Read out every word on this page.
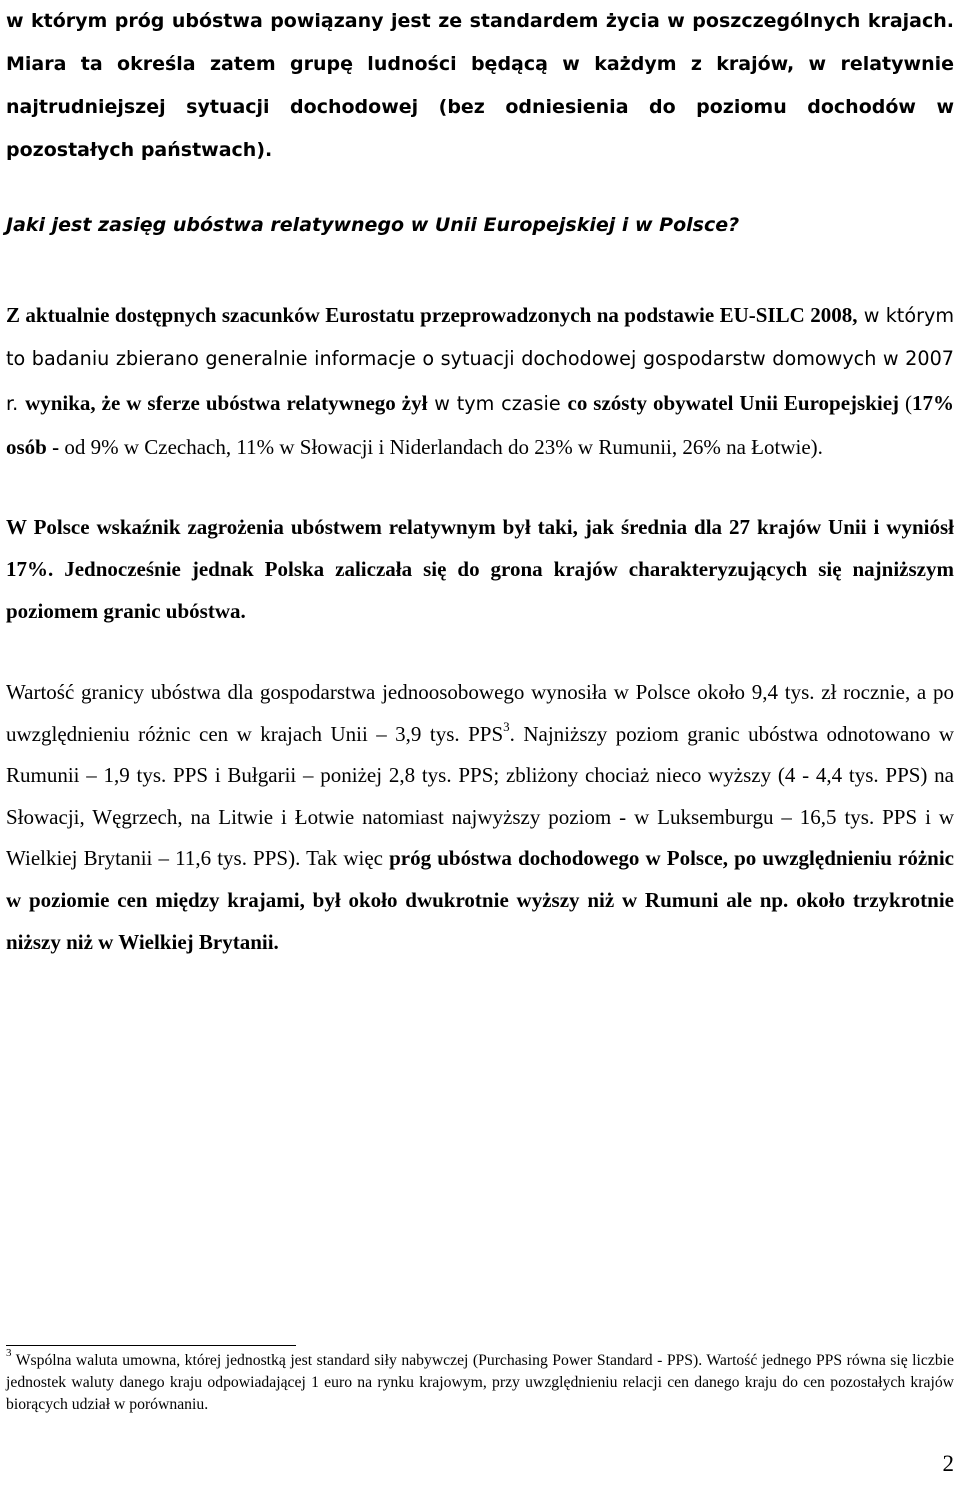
w którym próg ubóstwa powiązany jest ze standardem życia w poszczególnych krajach. Miara ta określa zatem grupę ludności będącą w każdym z krajów, w relatywnie najtrudniejszej sytuacji dochodowej (bez odniesienia do poziomu dochodów w pozostałych państwach).

Jaki jest zasięg ubóstwa relatywnego w Unii Europejskiej i w Polsce?

Z aktualnie dostępnych szacunków Eurostatu przeprowadzonych na podstawie EU-SILC 2008, w którym to badaniu zbierano generalnie informacje o sytuacji dochodowej gospodarstw domowych w 2007 r. wynika, że w sferze ubóstwa relatywnego żył w tym czasie co szósty obywatel Unii Europejskiej (17% osób - od 9% w Czechach, 11% w Słowacji i Niderlandach do 23% w Rumunii, 26% na Łotwie).

W Polsce wskaźnik zagrożenia ubóstwem relatywnym był taki, jak średnia dla 27 krajów Unii i wyniósł 17%. Jednocześnie jednak Polska zaliczała się do grona krajów charakteryzujących się najniższym poziomem granic ubóstwa.

Wartość granicy ubóstwa dla gospodarstwa jednoosobowego wynosiła w Polsce około 9,4 tys. zł rocznie, a po uwzględnieniu różnic cen w krajach Unii – 3,9 tys. PPS$^3$. Najniższy poziom granic ubóstwa odnotowano w Rumunii – 1,9 tys. PPS i Bułgarii – poniżej 2,8 tys. PPS; zbliżony chociaż nieco wyższy (4 - 4,4 tys. PPS) na Słowacji, Węgrzech, na Litwie i Łotwie natomiast najwyższy poziom - w Luksemburgu – 16,5 tys. PPS i w Wielkiej Brytanii – 11,6 tys. PPS). Tak więc próg ubóstwa dochodowego w Polsce, po uwzględnieniu różnic w poziomie cen między krajami, był około dwukrotnie wyższy niż w Rumuni ale np. około trzykrotnie niższy niż w Wielkiej Brytanii.

$^3$ Wspólna waluta umowna, której jednostką jest standard siły nabywczej (Purchasing Power Standard - PPS). Wartość jednego PPS równa się liczbie jednostek waluty danego kraju odpowiadającej 1 euro na rynku krajowym, przy uwzględnieniu relacji cen danego kraju do cen pozostałych krajów biorących udział w porównaniu.

2
